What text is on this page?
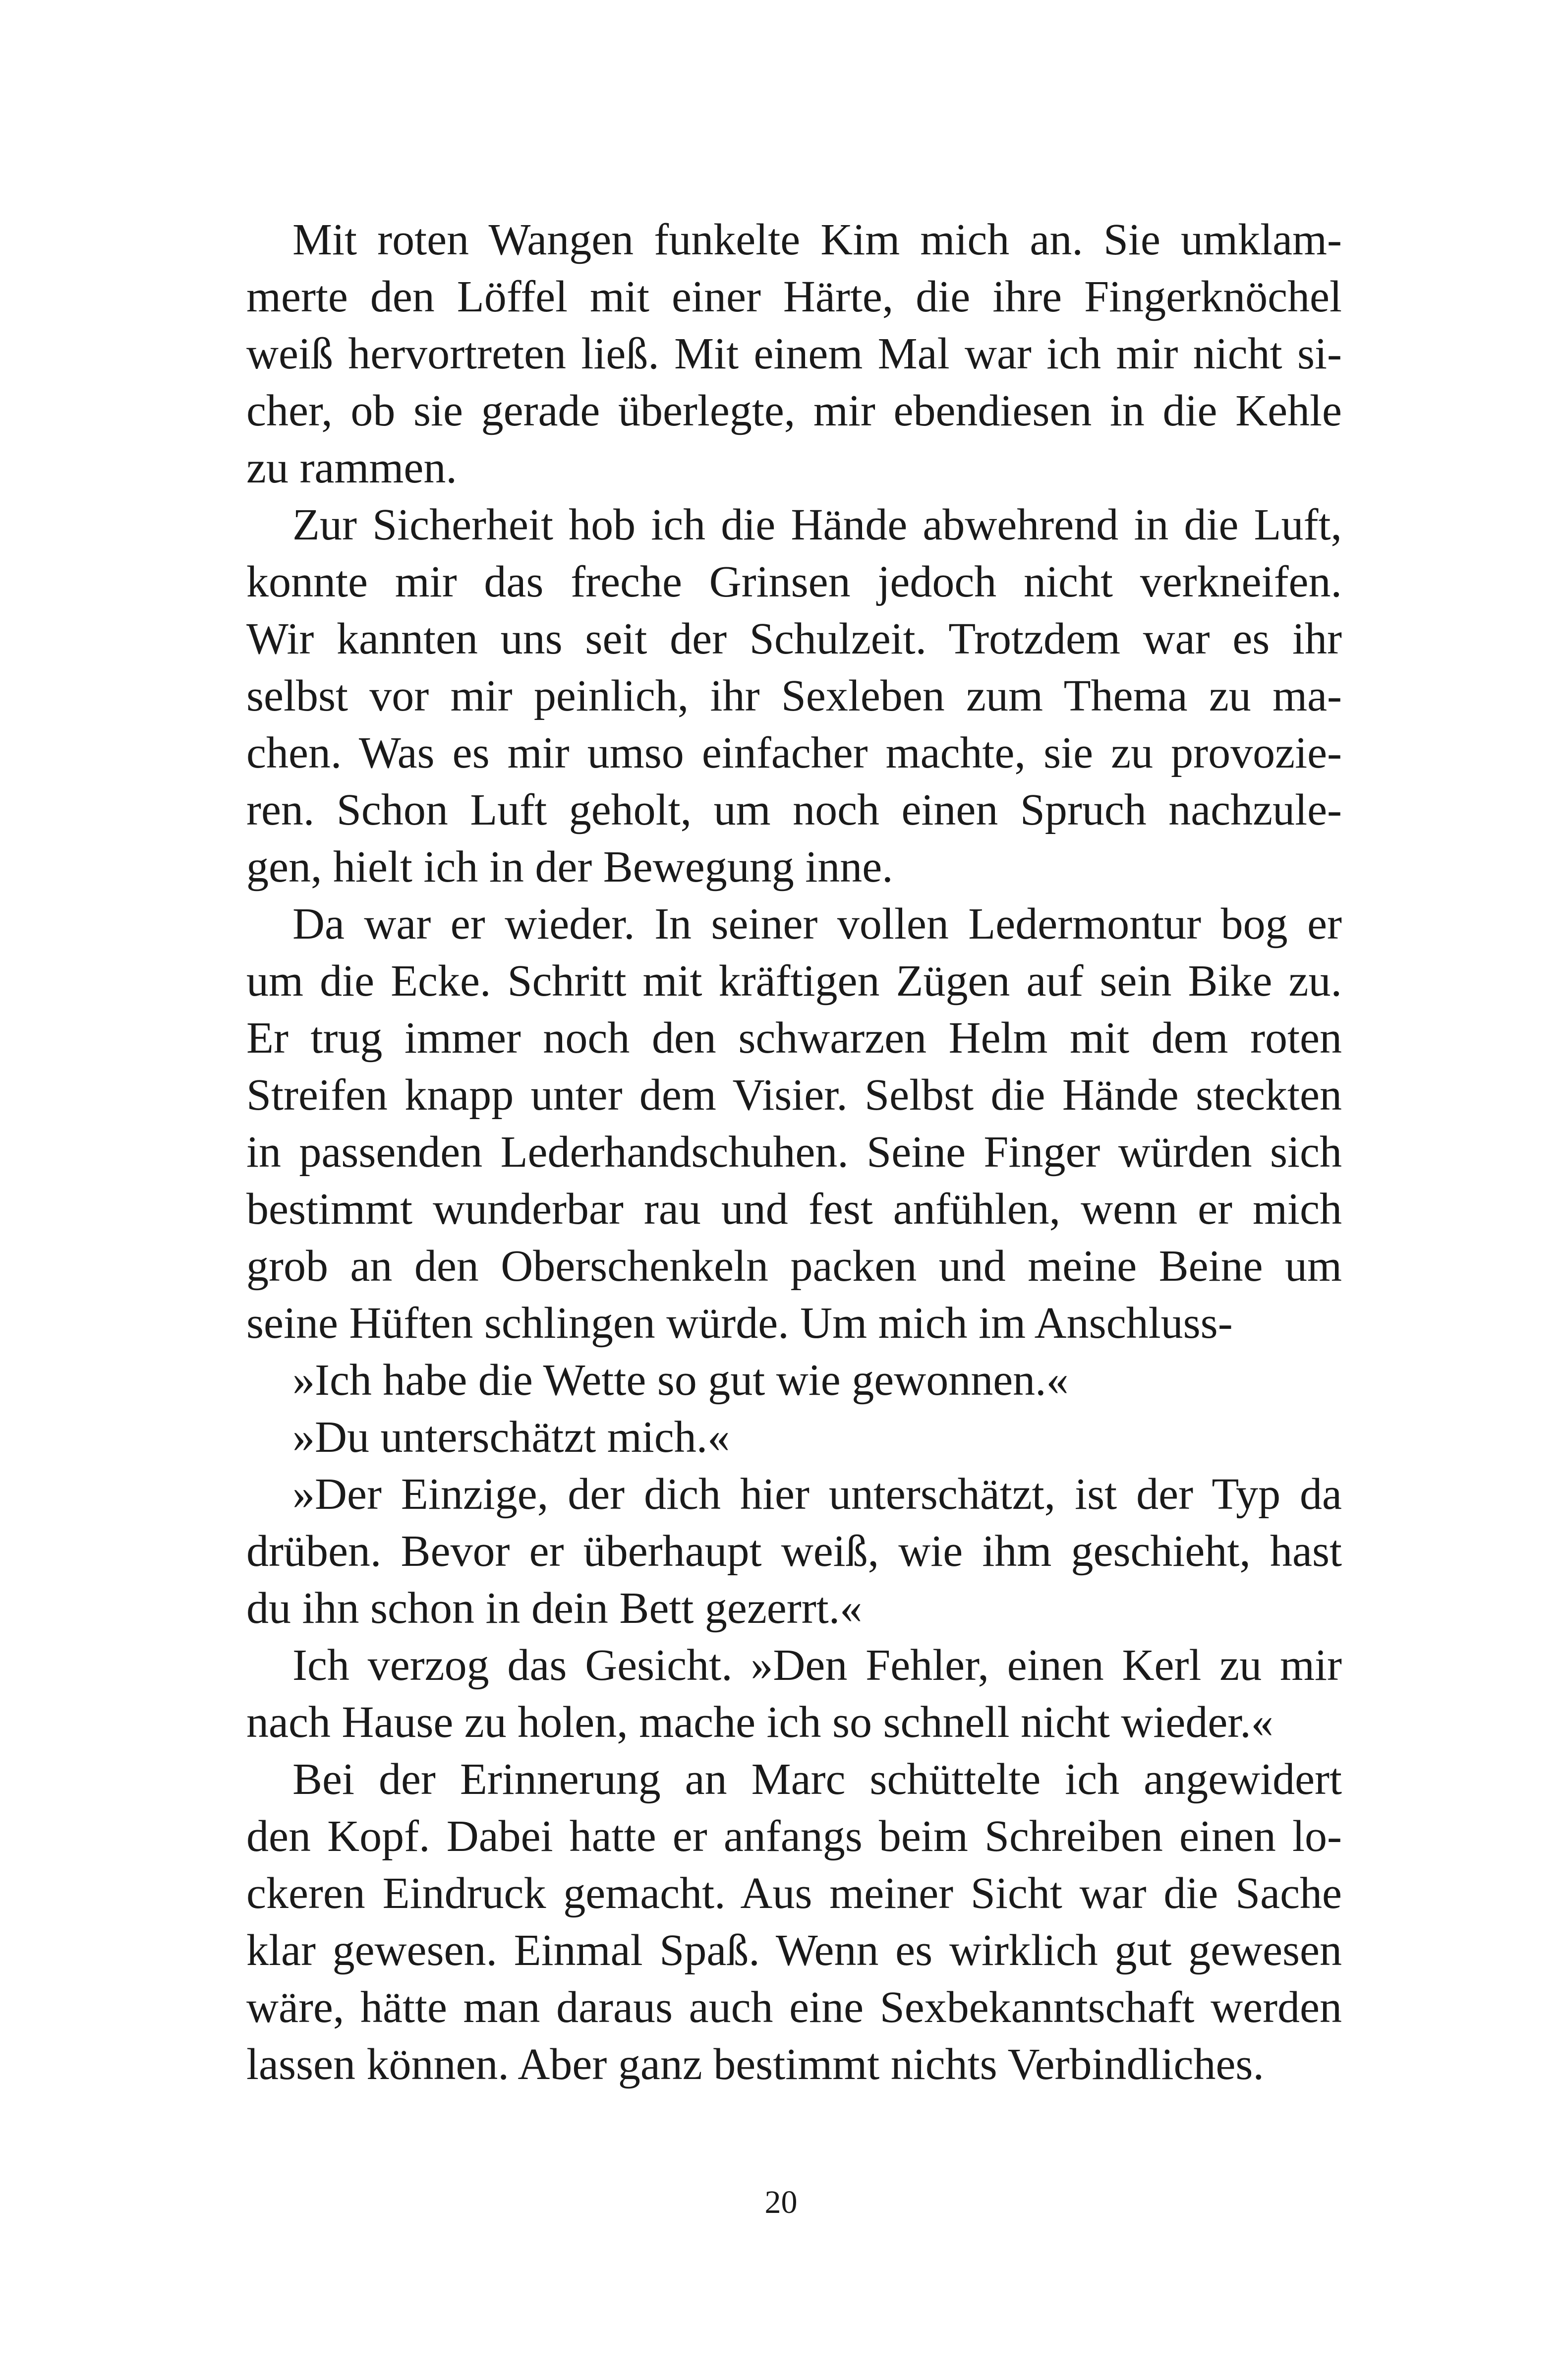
Mit roten Wangen funkelte Kim mich an. Sie umklam-
merte den Löffel mit einer Härte, die ihre Fingerknöchel
weiß hervortreten ließ. Mit einem Mal war ich mir nicht si-
cher, ob sie gerade überlegte, mir ebendiesen in die Kehle
zu rammen.
Zur Sicherheit hob ich die Hände abwehrend in die Luft,
konnte mir das freche Grinsen jedoch nicht verkneifen.
Wir kannten uns seit der Schulzeit. Trotzdem war es ihr
selbst vor mir peinlich, ihr Sexleben zum Thema zu ma-
chen. Was es mir umso einfacher machte, sie zu provozie-
ren. Schon Luft geholt, um noch einen Spruch nachzule-
gen, hielt ich in der Bewegung inne.
Da war er wieder. In seiner vollen Ledermontur bog er
um die Ecke. Schritt mit kräftigen Zügen auf sein Bike zu.
Er trug immer noch den schwarzen Helm mit dem roten
Streifen knapp unter dem Visier. Selbst die Hände steckten
in passenden Lederhandschuhen. Seine Finger würden sich
bestimmt wunderbar rau und fest anfühlen, wenn er mich
grob an den Oberschenkeln packen und meine Beine um
seine Hüften schlingen würde. Um mich im Anschluss-
»Ich habe die Wette so gut wie gewonnen.«
»Du unterschätzt mich.«
»Der Einzige, der dich hier unterschätzt, ist der Typ da
drüben. Bevor er überhaupt weiß, wie ihm geschieht, hast
du ihn schon in dein Bett gezerrt.«
Ich verzog das Gesicht. »Den Fehler, einen Kerl zu mir
nach Hause zu holen, mache ich so schnell nicht wieder.«
Bei der Erinnerung an Marc schüttelte ich angewidert
den Kopf. Dabei hatte er anfangs beim Schreiben einen lo-
ckeren Eindruck gemacht. Aus meiner Sicht war die Sache
klar gewesen. Einmal Spaß. Wenn es wirklich gut gewesen
wäre, hätte man daraus auch eine Sexbekanntschaft werden
lassen können. Aber ganz bestimmt nichts Verbindliches.
20
